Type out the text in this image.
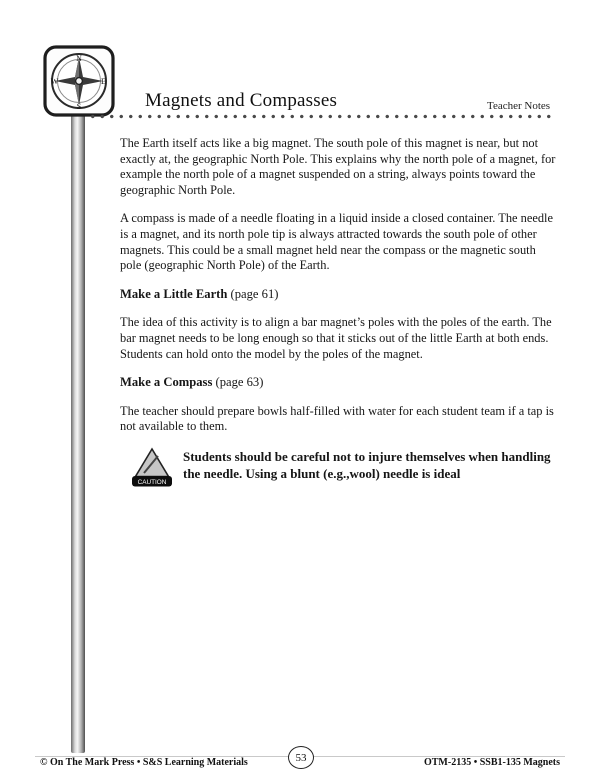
N
E
S
W
Magnets and Compasses	Teacher Notes

The Earth itself acts like a big magnet. The south pole of this magnet is near, but not exactly at, the geographic North Pole. This explains why the north pole of a magnet, for example the north pole of a magnet suspended on a string, always points toward the geographic North Pole.

A compass is made of a needle floating in a liquid inside a closed container. The needle is a magnet, and its north pole tip is always attracted towards the south pole of other magnets. This could be a small magnet held near the compass or the magnetic south pole (geographic North Pole) of the Earth.

Make a Little Earth (page 61)

The idea of this activity is to align a bar magnet’s poles with the poles of the earth. The bar magnet needs to be long enough so that it sticks out of the little Earth at both ends. Students can hold onto the model by the poles of the magnet.

Make a Compass (page 63)

The teacher should prepare bowls half-filled with water for each student team if a tap is not available to them.

CAUTION
Students should be careful not to injure themselves when handling the needle. Using a blunt (e.g.,wool) needle is ideal
© On The Mark Press • S&S Learning Materials	53	OTM-2135 • SSB1-135 Magnets
